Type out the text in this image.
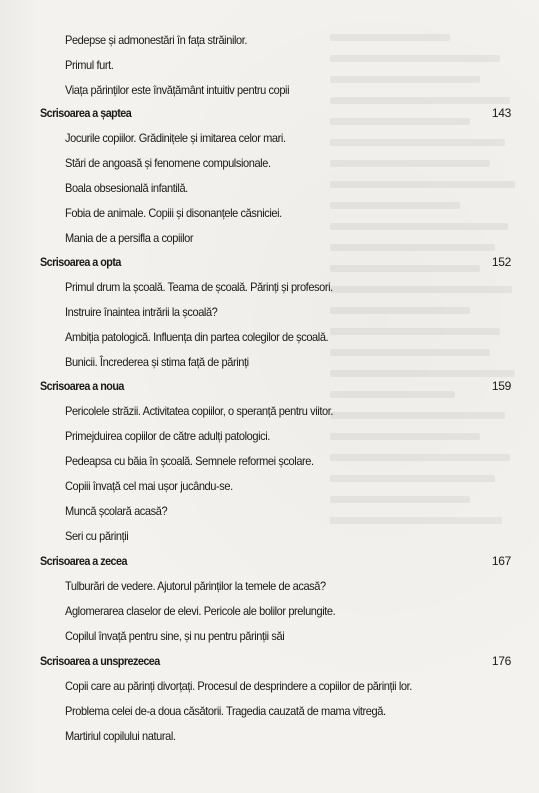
Pedepse și admonestări în fața străinilor.
Primul furt.
Viața părinților este învățământ intuitiv pentru copii
Scrisoarea a șaptea	143
Jocurile copiilor. Grădinițele și imitarea celor mari.
Stări de angoasă și fenomene compulsionale.
Boala obsesională infantilă.
Fobia de animale. Copiii și disonanțele căsniciei.
Mania de a persifla a copiilor
Scrisoarea a opta	152
Primul drum la școală. Teama de școală. Părinți și profesori.
Instruire înaintea intrării la școală?
Ambiția patologică. Influența din partea colegilor de școală.
Bunicii. Încrederea și stima față de părinți
Scrisoarea a noua	159
Pericolele străzii. Activitatea copiilor, o speranță pentru viitor.
Primejduirea copiilor de către adulți patologici.
Pedeapsa cu băia în școală. Semnele reformei școlare.
Copiii învață cel mai ușor jucându-se.
Muncă școlară acasă?
Seri cu părinții
Scrisoarea a zecea	167
Tulburări de vedere. Ajutorul părinților la temele de acasă?
Aglomerarea claselor de elevi. Pericole ale bolilor prelungite.
Copilul învață pentru sine, și nu pentru părinții săi
Scrisoarea a unsprezecea	176
Copii care au părinți divorțați. Procesul de desprindere a copiilor de părinții lor.
Problema celei de-a doua căsătorii. Tragedia cauzată de mama vitregă.
Martiriul copilului natural.
